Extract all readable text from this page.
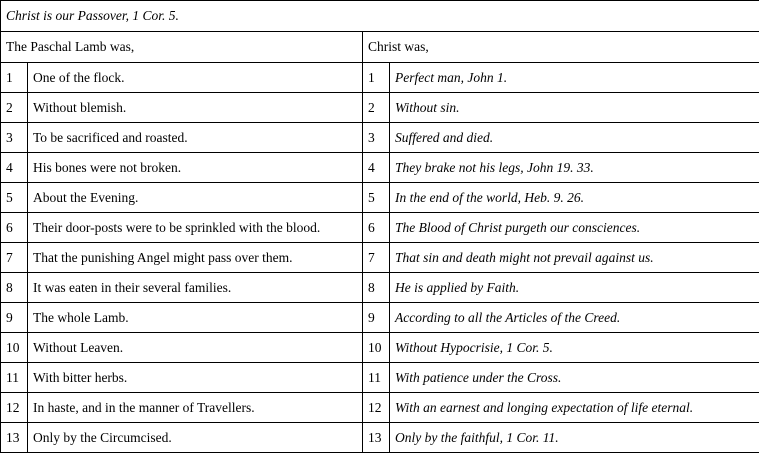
Christ is our Passover, 1 Cor. 5.			
The Paschal Lamb was,		Christ was,	
1	One of the flock.	1	Perfect man, John 1.
2	Without blemish.	2	Without sin.
3	To be sacrificed and roasted.	3	Suffered and died.
4	His bones were not broken.	4	They brake not his legs, John 19. 33.
5	About the Evening.	5	In the end of the world, Heb. 9. 26.
6	Their door-posts were to be sprinkled with the blood.	6	The Blood of Christ purgeth our consciences.
7	That the punishing Angel might pass over them.	7	That sin and death might not prevail against us.
8	It was eaten in their several families.	8	He is applied by Faith.
9	The whole Lamb.	9	According to all the Articles of the Creed.
10	Without Leaven.	10	Without Hypocrisie, 1 Cor. 5.
11	With bitter herbs.	11	With patience under the Cross.
12	In haste, and in the manner of Travellers.	12	With an earnest and longing expectation of life eternal.
13	Only by the Circumcised.	13	Only by the faithful, 1 Cor. 11.
